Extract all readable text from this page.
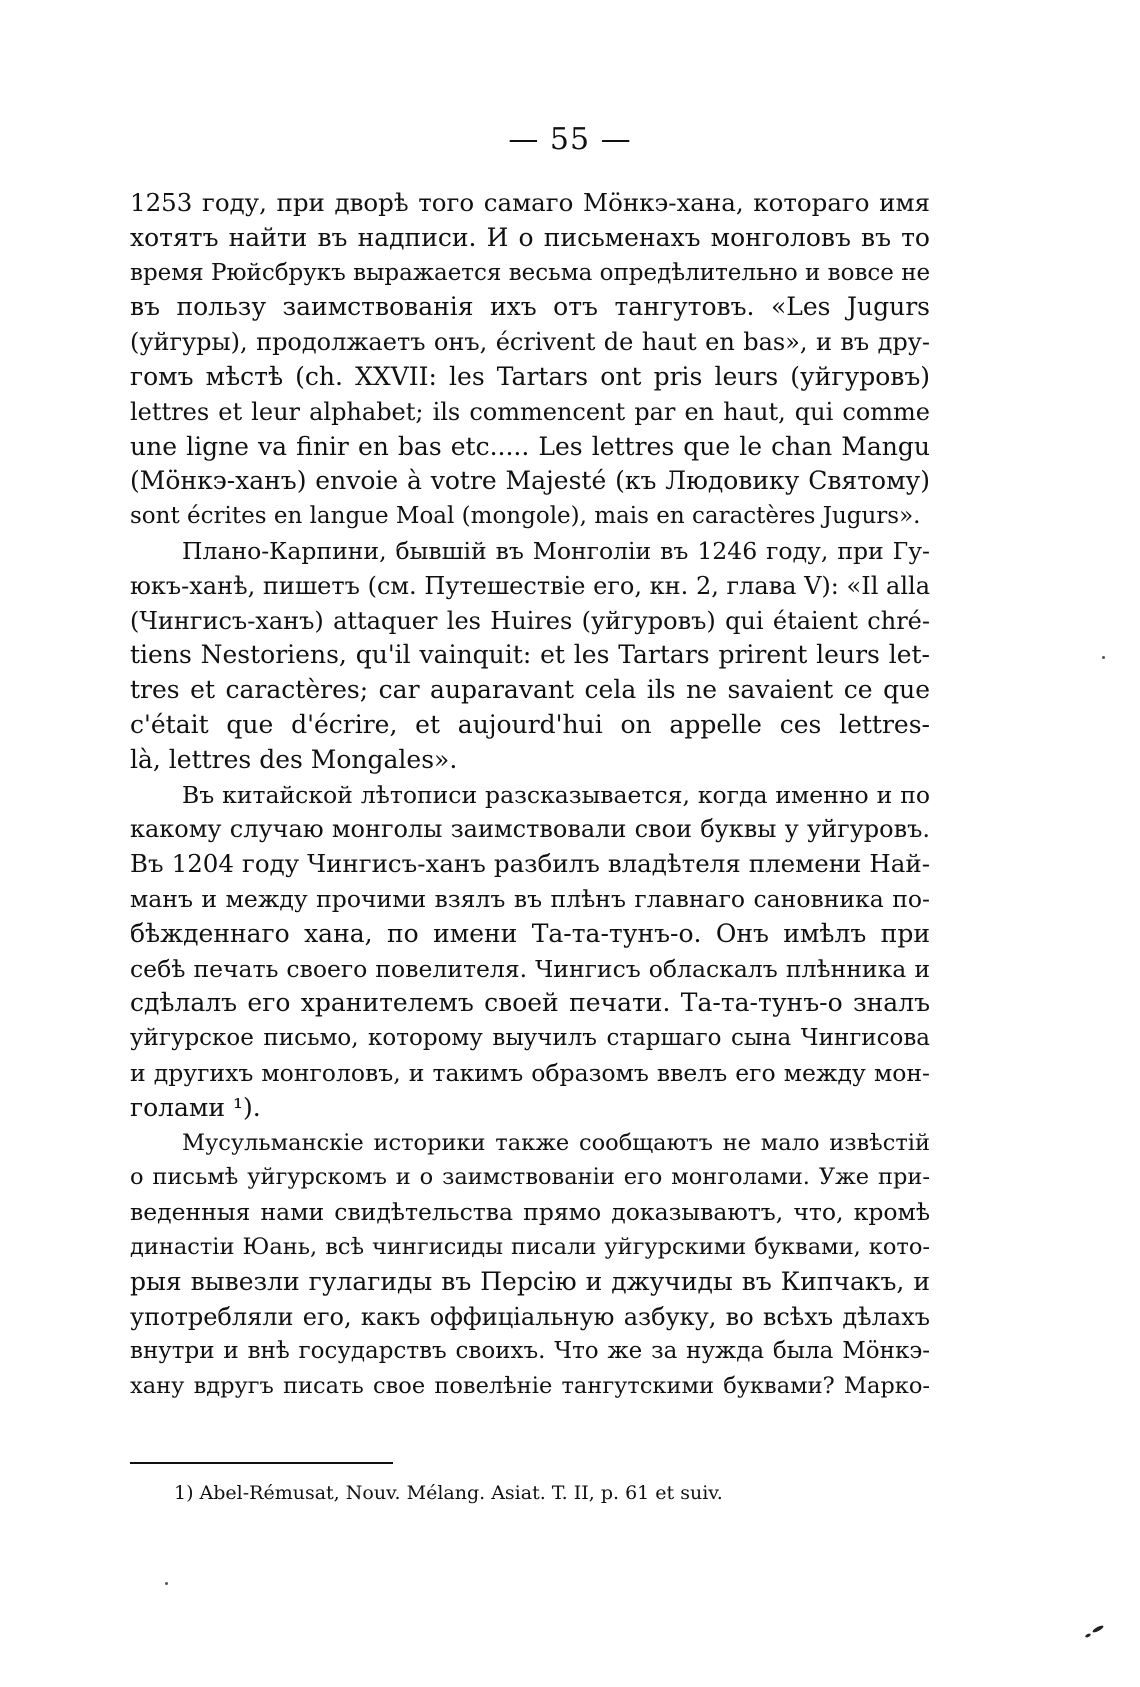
— 55 —
1253 году, при дворѣ того самаго Мӧнкэ-хана, котораго имя
хотятъ найти въ надписи. И о письменахъ монголовъ въ то
время Рюйсбрукъ выражается весьма опредѣлительно и вовсе не
въ пользу заимствованія ихъ отъ тангутовъ. «Les Jugurs
(уйгуры), продолжаетъ онъ, écrivent de haut en bas», и въ дру-
гомъ мѣстѣ (ch. XXVII: les Tartars ont pris leurs (уйгуровъ)
lettres et leur alphabet; ils commencent par en haut, qui comme
une ligne va finir en bas etc..... Les lettres que le chan Mangu
(Мӧнкэ-ханъ) envoie à votre Majesté (къ Людовику Святому)
sont écrites en langue Moal (mongole), mais en caractères Jugurs».
Плано-Карпини, бывшій въ Монголіи въ 1246 году, при Гу-
юкъ-ханѣ, пишетъ (см. Путешествіе его, кн. 2, глава V): «Il alla
(Чингисъ-ханъ) attaquer les Huires (уйгуровъ) qui étaient chré-
tiens Nestoriens, qu'il vainquit: et les Tartars prirent leurs let-
tres et caractères; car auparavant cela ils ne savaient ce que
c'était que d'écrire, et aujourd'hui on appelle ces lettres-
là, lettres des Mongales».
Въ китайской лѣтописи разсказывается, когда именно и по
какому случаю монголы заимствовали свои буквы у уйгуровъ.
Въ 1204 году Чингисъ-ханъ разбилъ владѣтеля племени Най-
манъ и между прочими взялъ въ плѣнъ главнаго сановника по-
бѣжденнаго хана, по имени Та-та-тунъ-о. Онъ имѣлъ при
себѣ печать своего повелителя. Чингисъ обласкалъ плѣнника и
сдѣлалъ его хранителемъ своей печати. Та-та-тунъ-о зналъ
уйгурское письмо, которому выучилъ старшаго сына Чингисова
и другихъ монголовъ, и такимъ образомъ ввелъ его между мон-
голами ¹).
Мусульманскіе историки также сообщаютъ не мало извѣстій
о письмѣ уйгурскомъ и о заимствованіи его монголами. Уже при-
веденныя нами свидѣтельства прямо доказываютъ, что, кромѣ
династіи Юань, всѣ чингисиды писали уйгурскими буквами, кото-
рыя вывезли гулагиды въ Персію и джучиды въ Кипчакъ, и
употребляли его, какъ оффиціальную азбуку, во всѣхъ дѣлахъ
внутри и внѣ государствъ своихъ. Что же за нужда была Мӧнкэ-
хану вдругъ писать свое повелѣніе тангутскими буквами? Марко-
1) Abel-Rémusat, Nouv. Mélang. Asiat. T. II, p. 61 et suiv.
